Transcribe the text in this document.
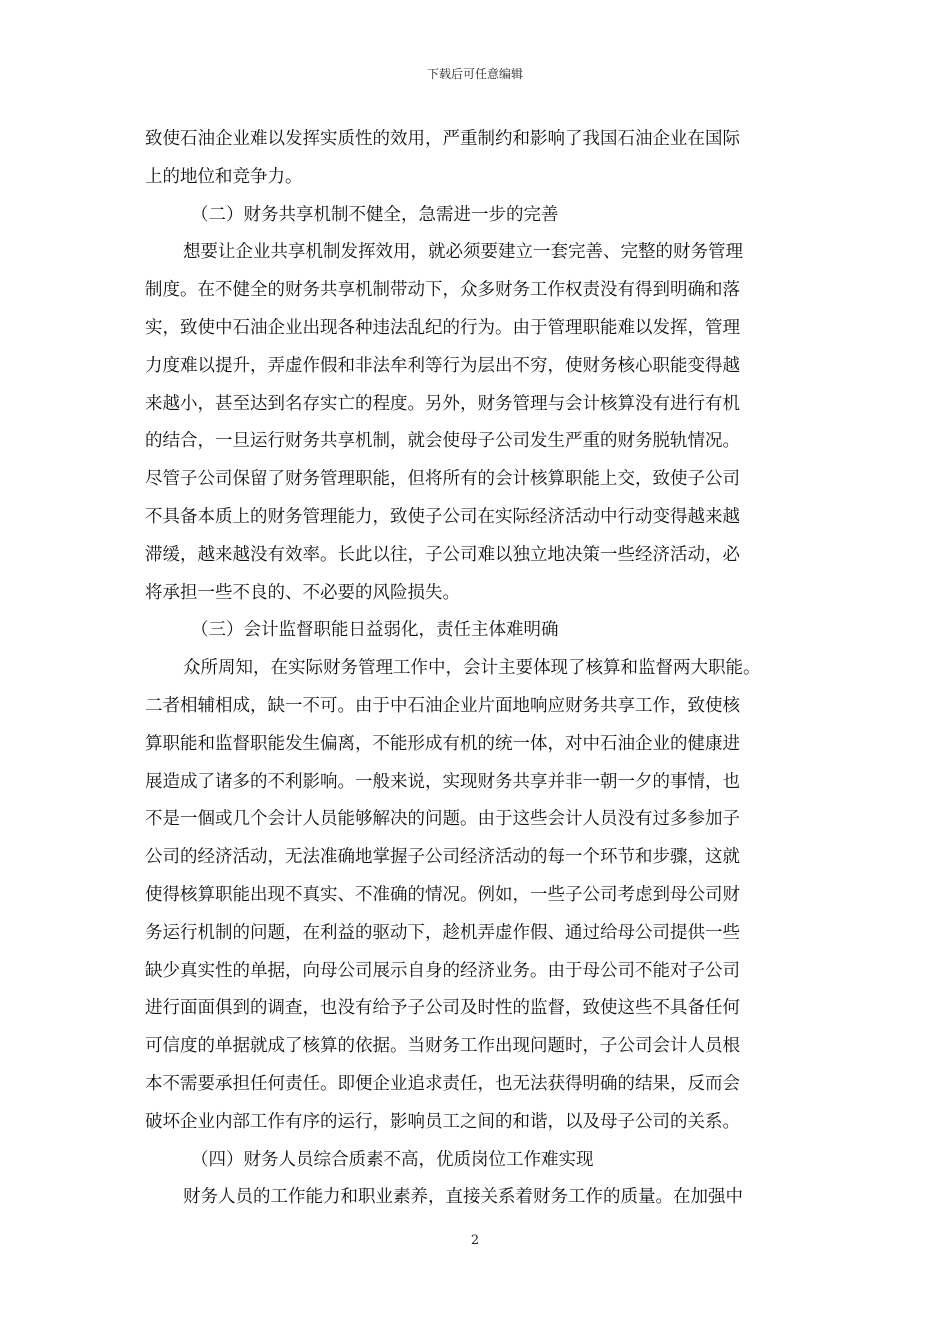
下载后可任意编辑
致使石油企业难以发挥实质性的效用，严重制约和影响了我国石油企业在国际
上的地位和竞争力。
（二）财务共享机制不健全，急需进一步的完善
想要让企业共享机制发挥效用，就必须要建立一套完善、完整的财务管理
制度。在不健全的财务共享机制带动下，众多财务工作权责没有得到明确和落
实，致使中石油企业出现各种违法乱纪的行为。由于管理职能难以发挥，管理
力度难以提升，弄虚作假和非法牟利等行为层出不穷，使财务核心职能变得越
来越小，甚至达到名存实亡的程度。另外，财务管理与会计核算没有进行有机
的结合，一旦运行财务共享机制，就会使母子公司发生严重的财务脱轨情况。
尽管子公司保留了财务管理职能，但将所有的会计核算职能上交，致使子公司
不具备本质上的财务管理能力，致使子公司在实际经济活动中行动变得越来越
滞缓，越来越没有效率。长此以往，子公司难以独立地决策一些经济活动，必
将承担一些不良的、不必要的风险损失。
（三）会计监督职能日益弱化，责任主体难明确
众所周知，在实际财务管理工作中，会计主要体现了核算和监督两大职能。
二者相辅相成，缺一不可。由于中石油企业片面地响应财务共享工作，致使核
算职能和监督职能发生偏离，不能形成有机的统一体，对中石油企业的健康进
展造成了诸多的不利影响。一般来说，实现财务共享并非一朝一夕的事情，也
不是一個或几个会计人员能够解决的问题。由于这些会计人员没有过多参加子
公司的经济活动，无法准确地掌握子公司经济活动的每一个环节和步骤，这就
使得核算职能出现不真实、不准确的情况。例如，一些子公司考虑到母公司财
务运行机制的问题，在利益的驱动下，趁机弄虚作假、通过给母公司提供一些
缺少真实性的单据，向母公司展示自身的经济业务。由于母公司不能对子公司
进行面面俱到的调查，也没有给予子公司及时性的监督，致使这些不具备任何
可信度的单据就成了核算的依据。当财务工作出现问题时，子公司会计人员根
本不需要承担任何责任。即便企业追求责任，也无法获得明确的结果，反而会
破坏企业内部工作有序的运行，影响员工之间的和谐，以及母子公司的关系。
（四）财务人员综合质素不高，优质岗位工作难实现
财务人员的工作能力和职业素养，直接关系着财务工作的质量。在加强中
2
